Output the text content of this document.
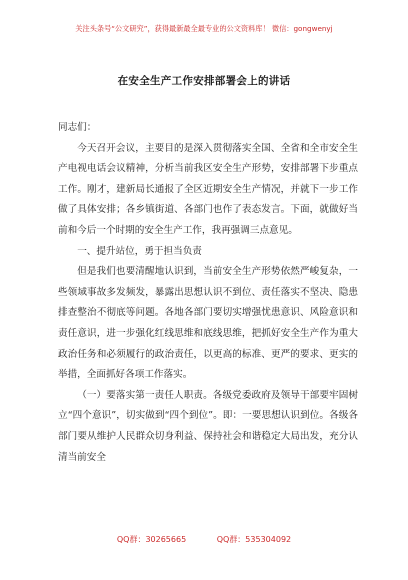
关注头条号“公文研究”，获得最新最全最专业的公文资料库！ 微信：gongwenyj
在安全生产工作安排部署会上的讲话

同志们：

今天召开会议，主要目的是深入贯彻落实全国、全省和全市安全生产电视电话会议精神，分析当前我区安全生产形势，安排部署下步重点工作。刚才，建新局长通报了全区近期安全生产情况，并就下一步工作做了具体安排；各乡镇街道、各部门也作了表态发言。下面，就做好当前和今后一个时期的安全生产工作，我再强调三点意见。

一、提升站位，勇于担当负责

但是我们也要清醒地认识到，当前安全生产形势依然严峻复杂，一些领域事故多发频发，暴露出思想认识不到位、责任落实不坚决、隐患排查整治不彻底等问题。各地各部门要切实增强忧患意识、风险意识和责任意识，进一步强化红线思维和底线思维，把抓好安全生产作为重大政治任务和必须履行的政治责任，以更高的标准、更严的要求、更实的举措，全面抓好各项工作落实。

（一）要落实第一责任人职责。各级党委政府及领导干部要牢固树立“四个意识”，切实做到“四个到位”。即：一要思想认识到位。各级各部门要从维护人民群众切身利益、保持社会和谐稳定大局出发，充分认清当前安全

QQ群：30265665	QQ群：535304092
